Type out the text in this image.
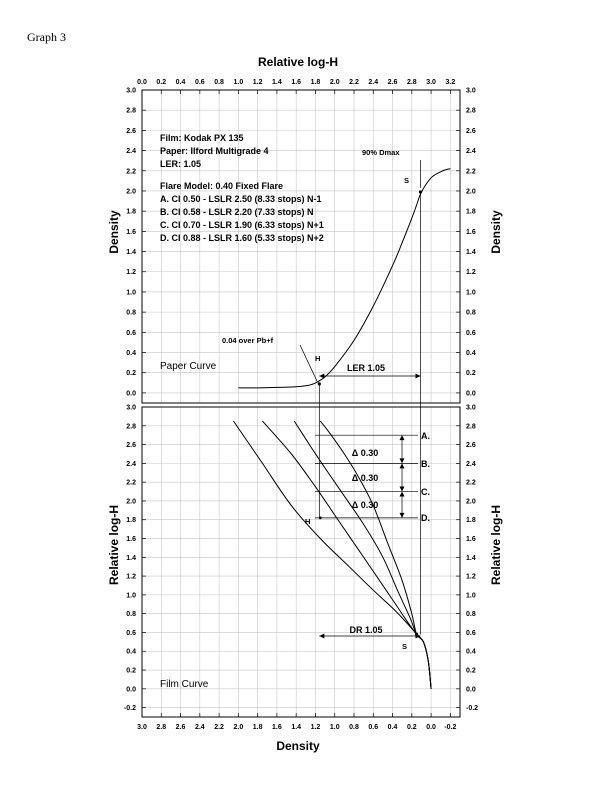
Graph 3
0.0 0.2 0.4 0.6 0.8 1.0 1.2 1.4 1.6 1.8 2.0 2.2 2.4 2.6 2.8 3.0 3.2
0.0	0.0
0.2	0.2
0.4	0.4
0.6	0.6
0.8	0.8
1.0	1.0
1.2	1.2
1.4	1.4
1.6	1.6
1.8	1.8
2.0	2.0
2.2	2.2
2.4	2.4
2.6	2.6
2.8	2.8
3.0	3.0
3.0 2.8 2.6 2.4 2.2 2.0 1.8 1.6 1.4 1.2 1.0 0.8 0.6 0.4 0.2 0.0 -0.2
-0.2	-0.2
0.0	0.0
0.2	0.2
0.4	0.4
0.6	0.6
0.8	0.8
1.0	1.0
1.2	1.2
1.4	1.4
1.6	1.6
1.8	1.8
2.0	2.0
2.2	2.2
2.4	2.4
2.6	2.6
2.8	2.8
3.0	3.0
Relative log-H
Density
Density	Density
Relative log-H	Relative log-H
Film: Kodak PX 135
Paper: Ilford Multigrade 4
LER: 1.05
Flare Model: 0.40 Fixed Flare
A. CI 0.50 - LSLR 2.50 (8.33 stops) N-1
B. CI 0.58 - LSLR 2.20 (7.33 stops) N
C. CI 0.70 - LSLR 1.90 (6.33 stops) N+1
D. CI 0.88 - LSLR 1.60 (5.33 stops) N+2
Paper Curve
Film Curve
90% Dmax
0.04 over Pb+f
H
S
LER 1.05
S
H
DR 1.05
Δ 0.30
Δ 0.30
Δ 0.30
A.
B.
C.
D.
